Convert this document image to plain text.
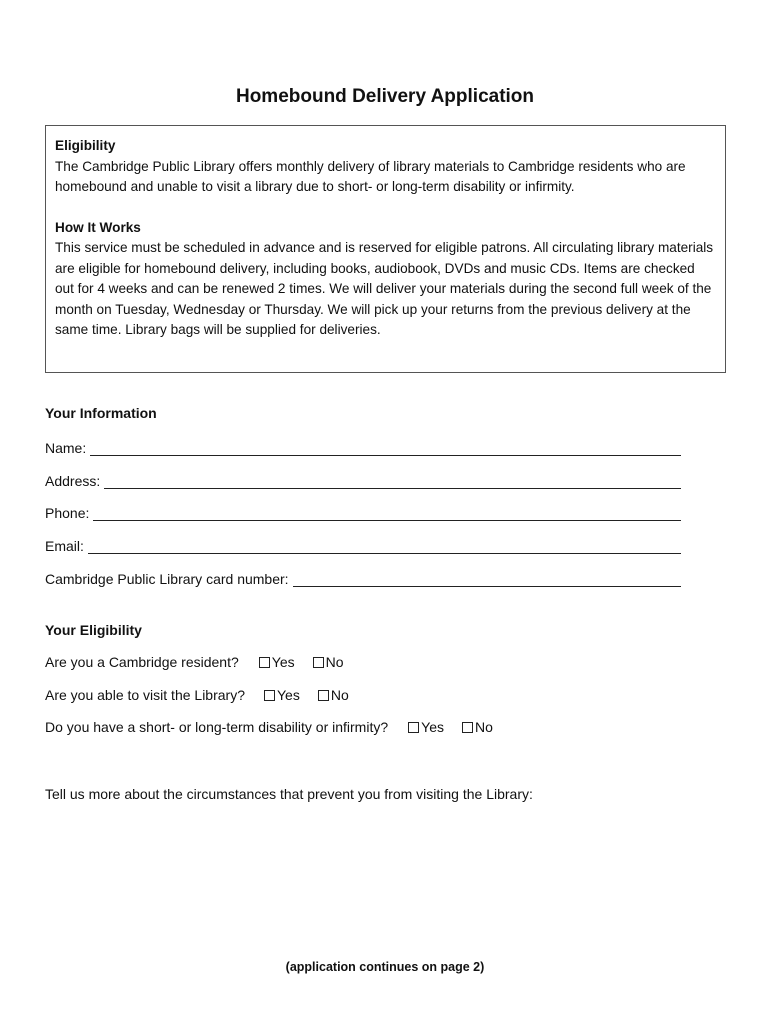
Homebound Delivery Application
Eligibility

The Cambridge Public Library offers monthly delivery of library materials to Cambridge residents who are homebound and unable to visit a library due to short- or long-term disability or infirmity.

How It Works

This service must be scheduled in advance and is reserved for eligible patrons. All circulating library materials are eligible for homebound delivery, including books, audiobook, DVDs and music CDs. Items are checked out for 4 weeks and can be renewed 2 times. We will deliver your materials during the second full week of the month on Tuesday, Wednesday or Thursday. We will pick up your returns from the previous delivery at the same time. Library bags will be supplied for deliveries.

Your Information
Name:
Address:
Phone:
Email:
Cambridge Public Library card number:
Your Eligibility
Are you a Cambridge resident? Yes No
Are you able to visit the Library? Yes No
Do you have a short- or long-term disability or infirmity? Yes No
Tell us more about the circumstances that prevent you from visiting the Library:
(application continues on page 2)
